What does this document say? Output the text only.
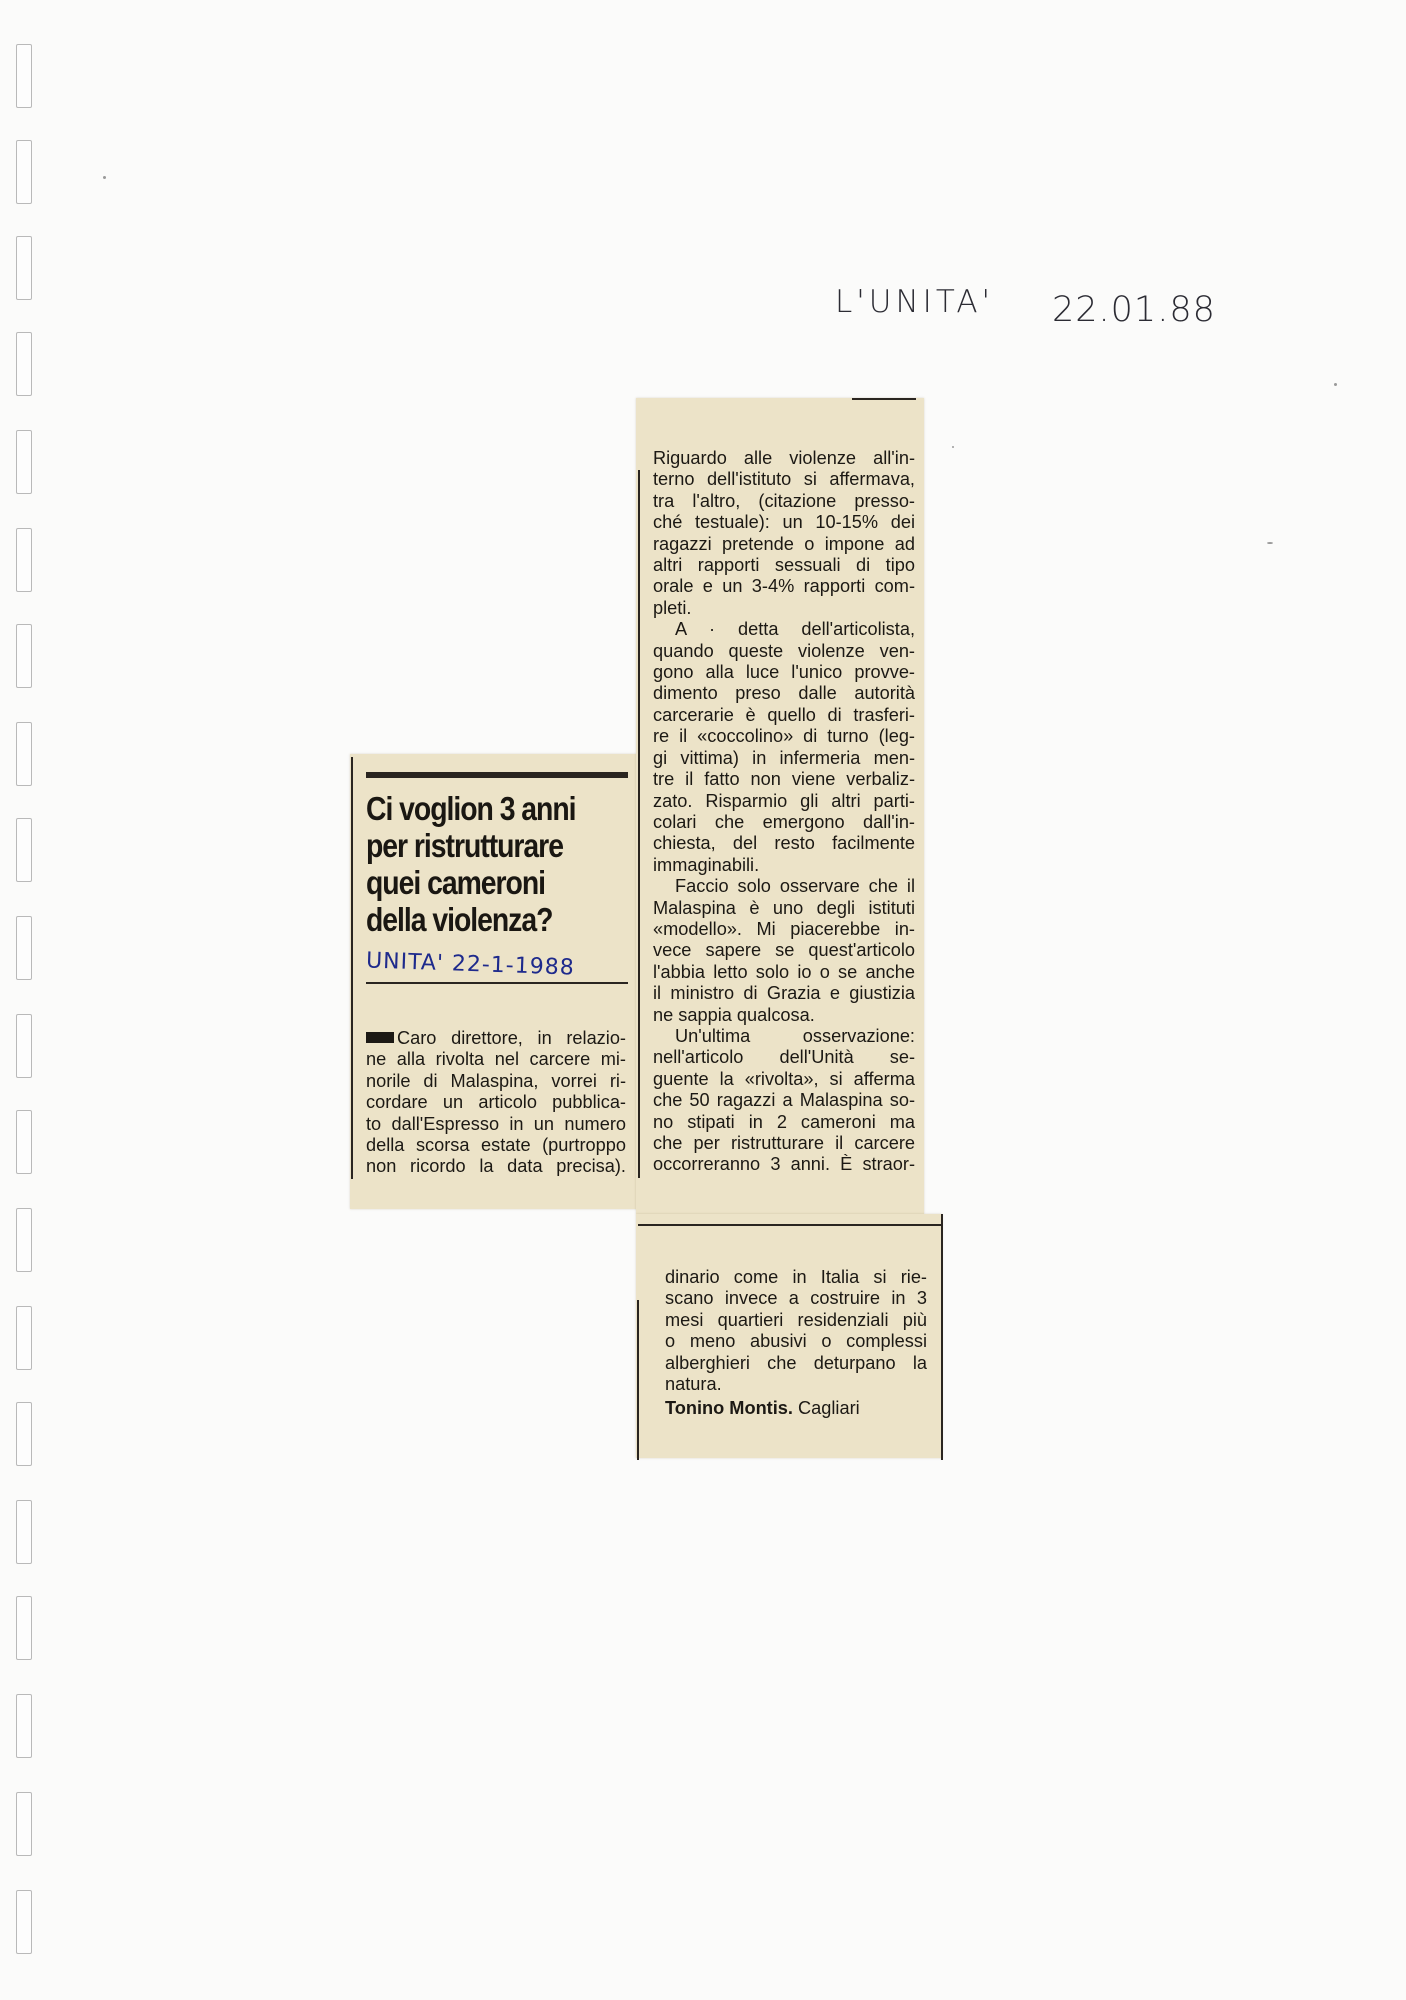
L'UNITA' 22.01.88
Ci voglion 3 anni
per ristrutturare
quei cameroni
della violenza?
UNITA' 22-1-1988

Caro direttore, in relazio-

ne alla rivolta nel carcere mi-

norile di Malaspina, vorrei ri-

cordare un articolo pubblica-

to dall'Espresso in un numero

della scorsa estate (purtroppo

non ricordo la data precisa).

Riguardo alle violenze all'in-

terno dell'istituto si affermava,

tra l'altro, (citazione presso-

ché testuale): un 10-15% dei

ragazzi pretende o impone ad

altri rapporti sessuali di tipo

orale e un 3-4% rapporti com-

pleti.

A · detta dell'articolista,

quando queste violenze ven-

gono alla luce l'unico provve-

dimento preso dalle autorità

carcerarie è quello di trasferi-

re il «coccolino» di turno (leg-

gi vittima) in infermeria men-

tre il fatto non viene verbaliz-

zato. Risparmio gli altri parti-

colari che emergono dall'in-

chiesta, del resto facilmente

immaginabili.

Faccio solo osservare che il

Malaspina è uno degli istituti

«modello». Mi piacerebbe in-

vece sapere se quest'articolo

l'abbia letto solo io o se anche

il ministro di Grazia e giustizia

ne sappia qualcosa.

Un'ultima osservazione:

nell'articolo dell'Unità se-

guente la «rivolta», si afferma

che 50 ragazzi a Malaspina so-

no stipati in 2 cameroni ma

che per ristrutturare il carcere

occorreranno 3 anni. È straor-

dinario come in Italia si rie-

scano invece a costruire in 3

mesi quartieri residenziali più

o meno abusivi o complessi

alberghieri che deturpano la

natura.

Tonino Montis. Cagliari
